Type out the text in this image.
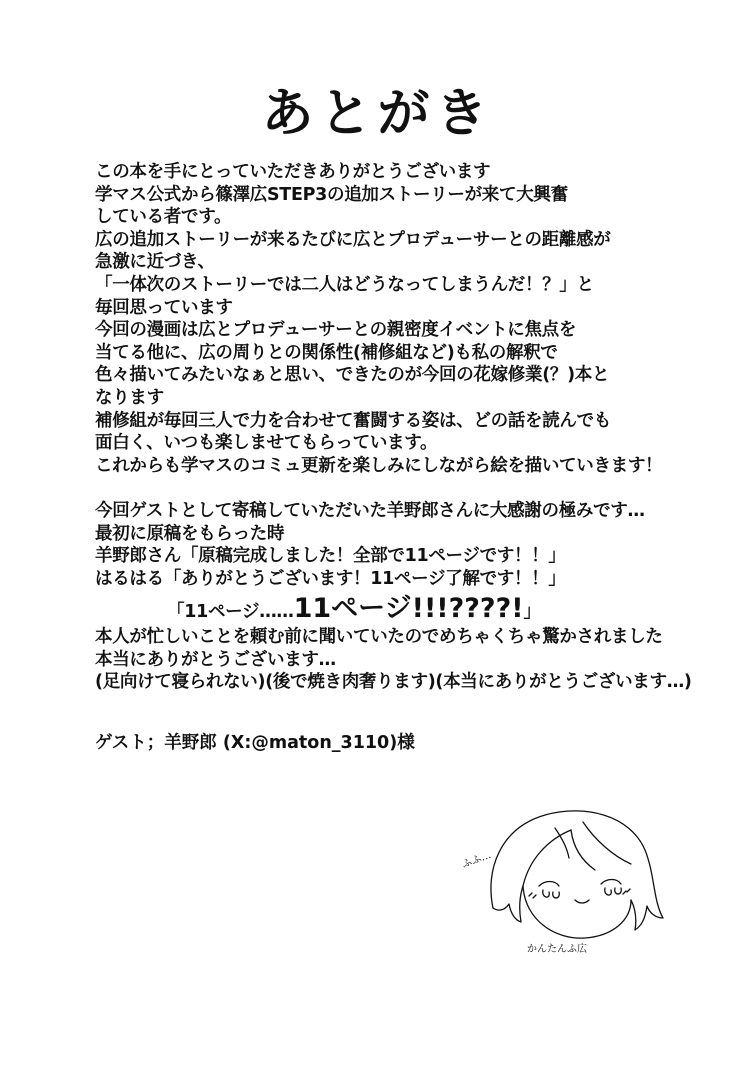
あとがき
この本を手にとっていただきありがとうございます
学マス公式から篠澤広STEP3の追加ストーリーが来て大興奮
している者です。
広の追加ストーリーが来るたびに広とプロデューサーとの距離感が
急激に近づき、
「一体次のストーリーでは二人はどうなってしまうんだ！？」と
毎回思っています
今回の漫画は広とプロデューサーとの親密度イベントに焦点を
当てる他に、広の周りとの関係性(補修組など)も私の解釈で
色々描いてみたいなぁと思い、できたのが今回の花嫁修業(？)本と
なります
補修組が毎回三人で力を合わせて奮闘する姿は、どの話を読んでも
面白く、いつも楽しませてもらっています。
これからも学マスのコミュ更新を楽しみにしながら絵を描いていきます！
今回ゲストとして寄稿していただいた羊野郎さんに大感謝の極みです…
最初に原稿をもらった時
羊野郎さん「原稿完成しました！全部で11ページです！！」
はるはる「ありがとうございます！11ページ了解です！！」
「11ページ……11ページ!!!????!」
本人が忙しいことを頼む前に聞いていたのでめちゃくちゃ驚かされました
本当にありがとうございます…
(足向けて寝られない)(後で焼き肉奢ります)(本当にありがとうございます…)
ゲスト；羊野郎 (X:@maton_3110)様
ふふ…
かんたんふ広
